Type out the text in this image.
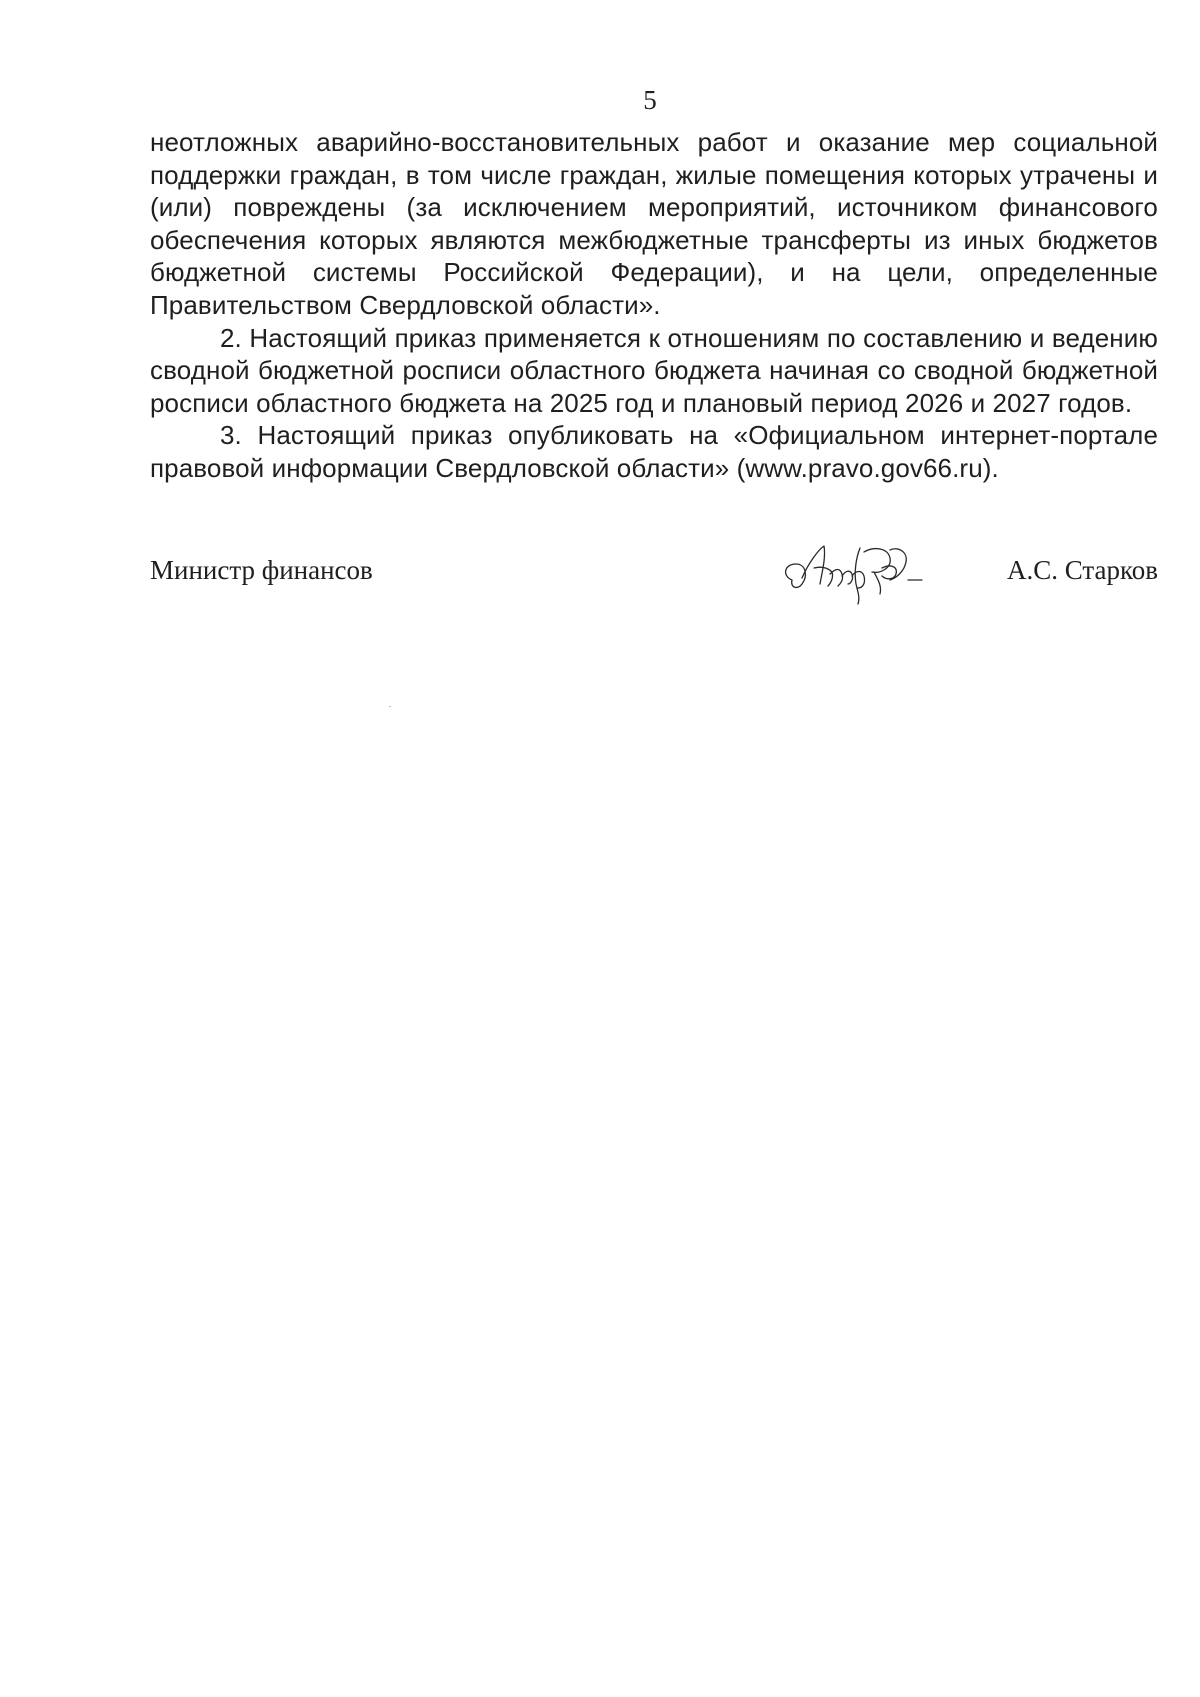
5

неотложных аварийно-восстановительных работ и оказание мер социальной поддержки граждан, в том числе граждан, жилые помещения которых утрачены и (или) повреждены (за исключением мероприятий, источником финансового обеспечения которых являются межбюджетные трансферты из иных бюджетов бюджетной системы Российской Федерации), и на цели, определенные Правительством Свердловской области».

2. Настоящий приказ применяется к отношениям по составлению и ведению сводной бюджетной росписи областного бюджета начиная со сводной бюджетной росписи областного бюджета на 2025 год и плановый период 2026 и 2027 годов.

3. Настоящий приказ опубликовать на «Официальном интернет-портале правовой информации Свердловской области» (www.pravo.gov66.ru).

Министр финансов	А.С. Старков
